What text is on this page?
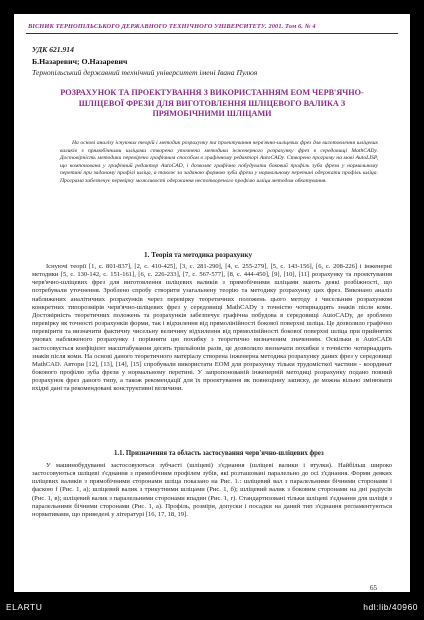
ВІСНИК ТЕРНОПІЛЬСЬКОГО ДЕРЖАВНОГО ТЕХНІЧНОГО УНІВЕРСИТЕТУ. 2001. Том 6. № 4
УДК 621.914
Б.Назаревич; О.Назаревич
Тернопільський державний технічний університет імені Івана Пулюя
РОЗРАХУНОК ТА ПРОЕКТУВАННЯ З ВИКОРИСТАННЯМ ЕОМ ЧЕРВ'ЯЧНО-ШЛІЦЕВОЇ ФРЕЗИ ДЛЯ ВИГОТОВЛЕННЯ ШЛІЦЕВОГО ВАЛИКА З ПРЯМОБІЧНИМИ ШЛІЦАМИ
На основі аналізу існуючих теорій і методик розрахунку та проектування черв'ячно-шліцевих фрез для виготовлення шліцевих валиків з прямобічними шліцами створена уточнена методика інженерного розрахунку фрез в середовищі MathCADy. Достовірність методики перевірено графічним способом в графічному редакторі AutoCADy. Створено програму на мові AutoLISP, що компонована у графічний редактор AutoCAD, і дозволяє графічно побудувати боковий профіль зуба фрези у нормальному перетині при заданому профілі шліца, а також за заданою формою зуба фрези у нормальному перетині одержати профіль шліца. Програма забезпечує перевірку можливості одержання неспотвореного профілю шліца методом обкатування.
1. Теорія та методика розрахунку
Існуючі теорії [1, с. 801-837], [2, с. 410-425], [3, с. 281-290], [4, с. 255-279], [5, с. 143-156], [6, с. 208-226] і інженерні методики [5, с. 130-142, с. 151-161], [6, с. 226-233], [7, с. 567-577], [8, с. 444-450], [9], [10], [11] розрахунку та проектування черв'ячно-шліцевих фрез для виготовлення шліцевих валиків з прямобічними шліцами мають деякі розбіжності, що потребували уточнення. Зроблено спробу створити узагальнену теорію та методику розрахунку цих фрез. Виконано аналіз наближених аналітичних розрахунків через перевірку теоретичних положень цього методу з чисельним розрахунком конкретних типорозмірів черв'ячно-шліцевих фрез у середовищі MathCADу з точністю чотирнадцять знаків після коми. Достовірність теоретичних положень та розрахунків забезпечує графічна побудова в середовищі AutoCADу, де зроблено перевірку як точності розрахунків форми, так і відхилення від прямолінійності бокової поверхні шліца. Це дозволило графічно перевірити та визначити фактичну чисельну величину відхилення від прямолінійності бокової поверхні шліца при прийнятих умовах наближеного розрахунку і порівняти цю похибку з теоретично визначеним значенням. Оскільки в AutoCADі застосовується коефіцієнт масштабування десять трильйонів разів, це дозволило визначати похибки з точністю чотирнадцять знаків після коми. На основі даного теоретичного матеріалу створена інженерна методика розрахунку даних фрез у середовищі MathCAD. Автори [12], [13], [14], [15] спробували використати ЕОМ для розрахунку тільки трудомісткої частини - координат бокового профілю зуба фрези у нормальному перетині. У запропонованій інженерній методиці розрахунку подано повний розрахунок фрез даного типу, а також рекомендації для їх проектування як повноцінну записку, де можна вільно змінювати вхідні дані та рекомендовані конструктивні величини.
1.1. Призначення та область застосування черв'ячно-шліцевих фрез
У машинобудуванні застосовуються зубчасті (шліцеві) з'єднання (шліцеві валики і втулки). Найбільш широко застосовуються шліцеві з'єднання з прямобічним профілем зубів, які розташовані паралельно до осі з'єднання. Форми деяких шліцевих валиків з прямобічними сторонами шліца показано на Рис. 1.: шліцевий вал з паралельними бічними сторонами і фаскою f (Рис. 1, а); шліцевий валик з трикутними шліцами (Рис. 1, б); шліцевий валик з боковим сторонами на дні радіусів (Рис. 1, в); шліцевий валик з паралельними сторонами впадин (Рис. 1, г). Стандартизовані тільки шліцеві з'єднання для шліців з паралельними бічними сторонами (Рис. 1, а). Профіль, розміри, допуски і посадки на даний тип з'єднання регламентуються нормативами, що приведені у літературі [16, 17, 18, 19].
65
ELARTU	hdl:lib/40960
